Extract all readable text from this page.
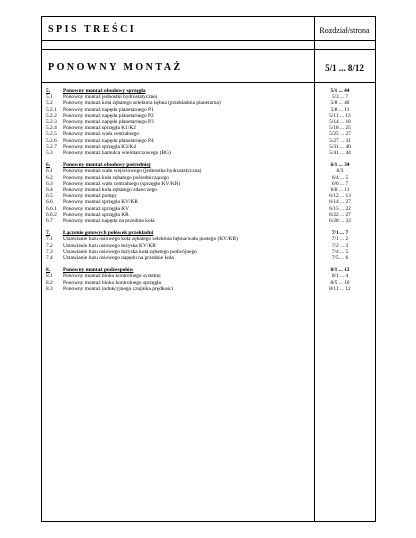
SPIS TREŚCI	Rozdział/strona
PONOWNY MONTAŻ	5/1 ... 8/12
5.	Ponowny montaż obudowy sprzęgła	5/1 ... 44
5.1	Ponowny montaż jednostki hydrostatycznej	5/3 ... 7
5.2	Ponowny montaż koła zębatego selektora bębna (przekładnia planetarna)	5/8 ... 40
5.2.1	Ponowny montaż napędu planetarnego P1	5/8 ... 11
5.2.2	Ponowny montaż napędu planetarnego P2	5/11 ... 13
5.2.3	Ponowny montaż napędu planetarnego P3	5/14 ... 18
5.2.4	Ponowny montaż sprzęgła K1/K2	5/18 ... 25
5.2.5	Ponowny montaż wału centralnego	5/25 ... 27
5.2.6	Ponowny montaż napędu planetarnego P4	5/27 ... 31
5.2.7	Ponowny montaż sprzęgła K3/K4	5/31 ... 40
5.3	Ponowny montaż hamulca wielotarczowego (BG)	5/41 ... 44
6.	Ponowny montaż obudowy pośredniej	6/1 ... 34
6.1	Ponowny montaż wału wejściowego (jednostka hydrostatyczna)	6/3
6.2	Ponowny montaż koła zębatego pośredniczącego	6/4 ... 5
6.3	Ponowny montaż wału centralnego (sprzęgło KV/KR)	6/6 ... 7
6.4	Ponowny montaż koła zębatego zdawczego	6/8 ... 11
6.5	Ponowny montaż pompy	6/12 ... 13
6.6	Ponowny montaż sprzęgła KV/KR	6/14 ... 27
6.6.1	Ponowny montaż sprzęgła KV	6/15 ... 22
6.6.2	Ponowny montaż sprzęgła KR	6/22 ... 27
6.7	Ponowny montaż napędu na przednie koła	6/28 ... 33
7.	Łączenie gotowych połówek przekładni	7/1 ... 7
7.1	Ustawianie luzu osiowego koła zębatego selektora bębna/wału pustego (KV/KR)	7/1 ... 2
7.2	Ustawianie luzu osiowego łożyska KV/KR	7/2 ... 3
7.3	Ustawianie luzu osiowego łożyska koła zębatego podwójnego	7/4 ... 5
7.4	Ustawianie luzu osiowego napędu na przednie koła	7/5 ... 6
8.	Ponowny montaż podzespołów	8/1 ... 12
8.1	Ponowny montaż bloku kontrolnego systemu	8/1 ... 4
8.2	Ponowny montaż bloku kontrolnego sprzęgła	8/5 ... 10
8.3	Ponowny montaż indukcyjnego czujnika prędkości	8/11 ... 12
